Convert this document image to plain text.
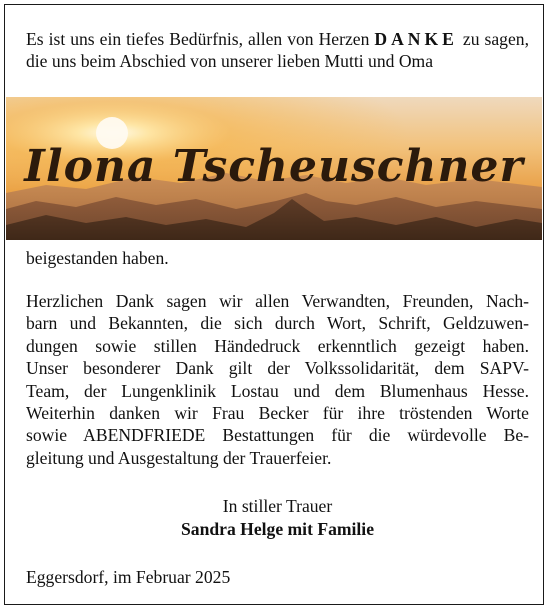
Es ist uns ein tiefes Bedürfnis, allen von Herzen DANKE zu sagen, die uns beim Abschied von unserer lieben Mutti und Oma

Ilona Tscheuschner

beigestanden haben.

Herzlichen Dank sagen wir allen Verwandten, Freunden, Nach-
barn und Bekannten, die sich durch Wort, Schrift, Geldzuwen-
dungen sowie stillen Händedruck erkenntlich gezeigt haben.
Unser besonderer Dank gilt der Volkssolidarität, dem SAPV-
Team, der Lungenklinik Lostau und dem Blumenhaus Hesse.
Weiterhin danken wir Frau Becker für ihre tröstenden Worte
sowie ABENDFRIEDE Bestattungen für die würdevolle Be-
gleitung und Ausgestaltung der Trauerfeier.

In stiller Trauer

Sandra Helge mit Familie

Eggersdorf, im Februar 2025
